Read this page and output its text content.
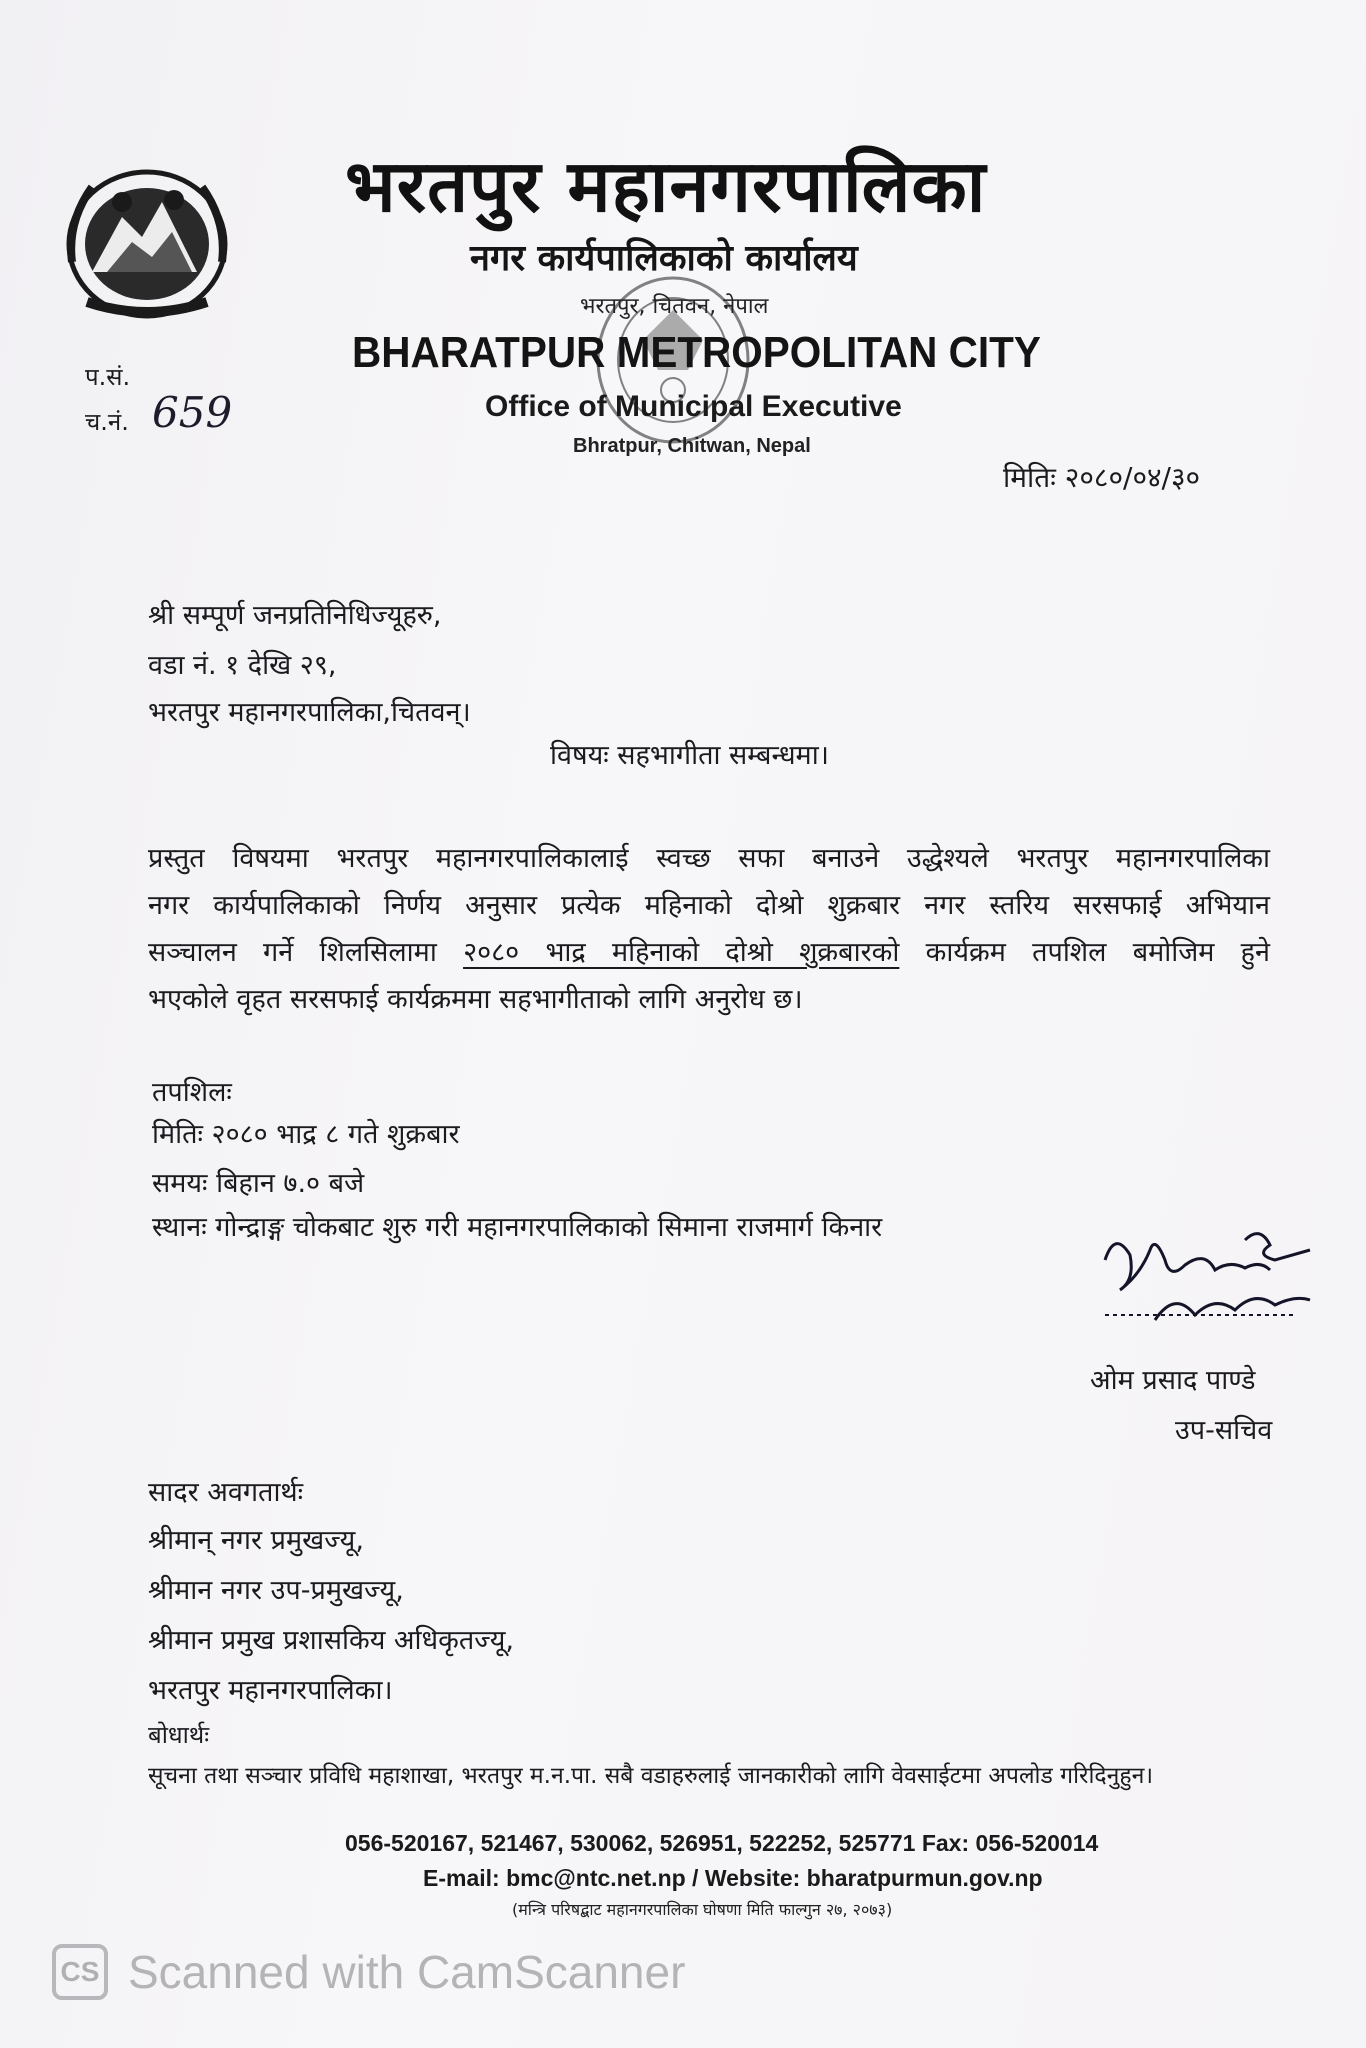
भरतपुर महानगरपालिका
नगर कार्यपालिकाको कार्यालय
भरतपुर, चितवन, नेपाल
BHARATPUR METROPOLITAN CITY
Office of Municipal Executive
Bhratpur, Chitwan, Nepal
प.सं.
च.नं. 659
मितिः २०८०/०४/३०
श्री सम्पूर्ण जनप्रतिनिधिज्यूहरु,
वडा नं. १ देखि २९,
भरतपुर महानगरपालिका,चितवन्।
विषयः सहभागीता सम्बन्धमा।
प्रस्तुत विषयमा भरतपुर महानगरपालिकालाई स्वच्छ सफा बनाउने उद्धेश्यले भरतपुर महानगरपालिका
नगर कार्यपालिकाको निर्णय अनुसार प्रत्येक महिनाको दोश्रो शुक्रबार नगर स्तरिय सरसफाई अभियान
सञ्चालन गर्ने शिलसिलामा २०८० भाद्र महिनाको दोश्रो शुक्रबारको कार्यक्रम तपशिल बमोजिम हुने
भएकोले वृहत सरसफाई कार्यक्रममा सहभागीताको लागि अनुरोध छ।
तपशिलः
मितिः २०८० भाद्र ८ गते शुक्रबार
समयः बिहान ७.० बजे
स्थानः गोन्द्राङ्ग चोकबाट शुरु गरी महानगरपालिकाको सिमाना राजमार्ग किनार
ओम प्रसाद पाण्डे
उप-सचिव
सादर अवगतार्थः
श्रीमान् नगर प्रमुखज्यू,
श्रीमान नगर उप-प्रमुखज्यू,
श्रीमान प्रमुख प्रशासकिय अधिकृतज्यू,
भरतपुर महानगरपालिका।
बोधार्थः
सूचना तथा सञ्चार प्रविधि महाशाखा, भरतपुर म.न.पा. सबै वडाहरुलाई जानकारीको लागि वेवसाईटमा अपलोड गरिदिनुहुन।
056-520167, 521467, 530062, 526951, 522252, 525771 Fax: 056-520014
E-mail: bmc@ntc.net.np / Website: bharatpurmun.gov.np
(मन्त्रि परिषद्बाट महानगरपालिका घोषणा मिति फाल्गुन २७, २०७३)
CS Scanned with CamScanner
